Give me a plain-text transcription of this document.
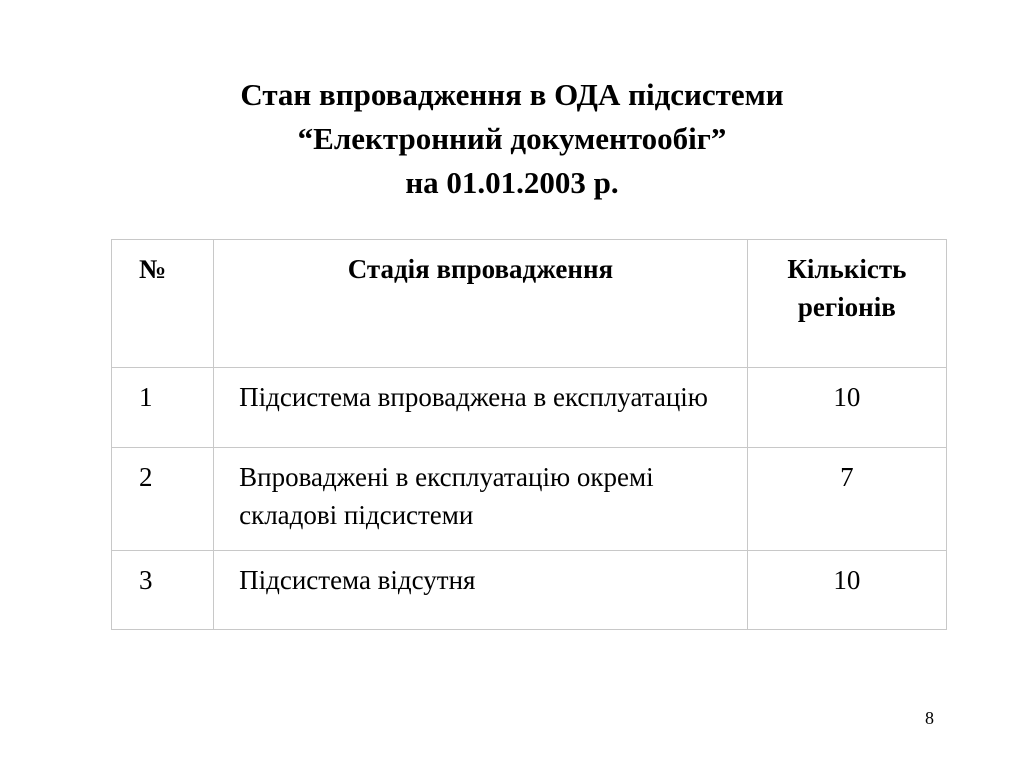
Стан впровадження в ОДА підсистеми
“Електронний документообіг”
на 01.01.2003 р.
№	Стадія впровадження	Кількість регіонів
1	Підсистема впроваджена в експлуатацію	10
2	Впроваджені в експлуатацію окремі складові підсистеми	7
3	Підсистема відсутня	10
8
